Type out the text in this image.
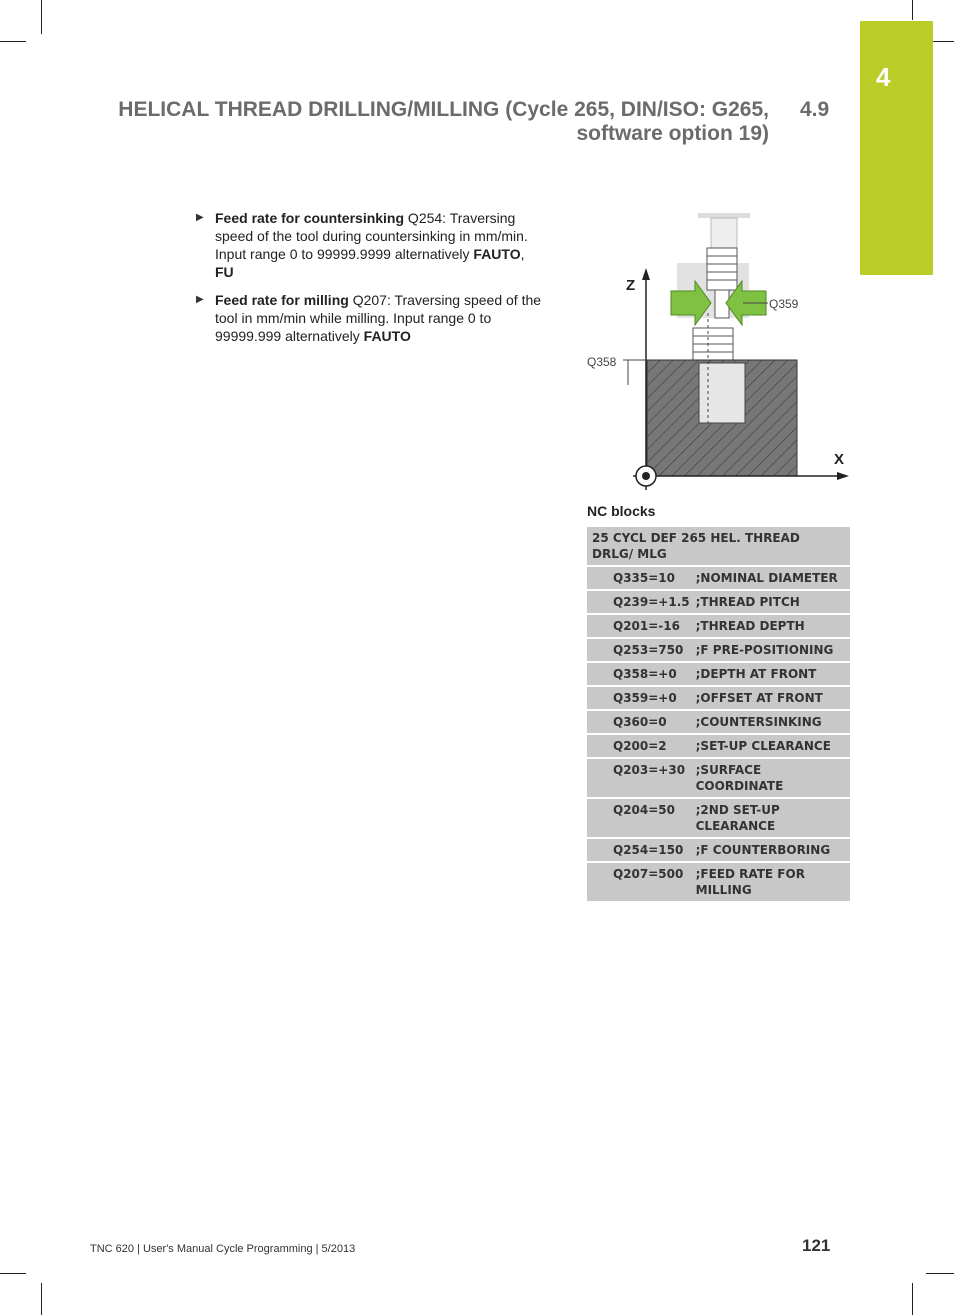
4
HELICAL THREAD DRILLING/MILLING (Cycle 265, DIN/ISO: G265,
software option 19)
4.9
▶ Feed rate for countersinking Q254: Traversing speed of the tool during countersinking in mm/min. Input range 0 to 99999.9999 alternatively FAUTO,
FU
▶ Feed rate for milling Q207: Traversing speed of the tool in mm/min while milling. Input range 0 to 99999.999 alternatively FAUTO
Z
X
Q359
Q358
NC blocks
25 CYCL DEF 265 HEL. THREAD DRLG/ MLG	
Q335=10	;NOMINAL DIAMETER
Q239=+1.5	;THREAD PITCH
Q201=-16	;THREAD DEPTH
Q253=750	;F PRE-POSITIONING
Q358=+0	;DEPTH AT FRONT
Q359=+0	;OFFSET AT FRONT
Q360=0	;COUNTERSINKING
Q200=2	;SET-UP CLEARANCE
Q203=+30	;SURFACE COORDINATE
Q204=50	;2ND SET-UP CLEARANCE
Q254=150	;F COUNTERBORING
Q207=500	;FEED RATE FOR MILLING
TNC 620 | User's Manual Cycle Programming | 5/2013	121
